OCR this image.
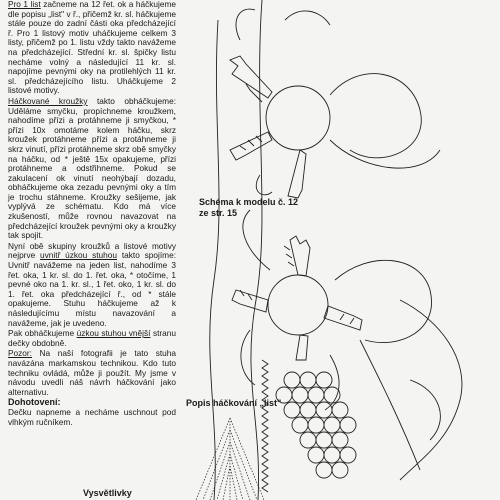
Pro 1 list začneme na 12 řet. ok a háčkujeme dle popisu „list" v ř., přičemž kr. sl. háčkujeme stále pouze do zadní části oka předcházející ř. Pro 1 listový motiv uháčkujeme celkem 3 listy, přičemž po 1. listu vždy takto navážeme na předcházející. Střední kr. sl. špičky listu necháme volný a následující 11 kr. sl. napojíme pevnými oky na protilehlých 11 kr. sl. předcházejícího listu. Uháčkujeme 2 listové motivy.

Háčkované kroužky takto obháčkujeme: Uděláme smyčku, propíchneme kroužkem, nahodíme přízi a protáhneme ji smyčkou, * přízi 10x omotáme kolem háčku, skrz kroužek protáhneme přízi a protáhneme ji skrz vinutí, přízi protáhneme skrz obě smyčky na háčku, od * ještě 15x opakujeme, přízi protáhneme a odstřihneme. Pokud se zakulacení ok vinutí neohýbají dozadu, obháčkujeme oka zezadu pevnými oky a tím je trochu stáhneme. Kroužky sešijeme, jak vyplývá ze schématu. Kdo má více zkušeností, může rovnou navazovat na předcházející kroužek pevnými oky a kroužky tak spojit.

Nyní obě skupiny kroužků a listové motivy nejprve uvnitř úzkou stuhou takto spojíme: Uvnitř navážeme na jeden list, nahodíme 3 řet. oka, 1 kr. sl. do 1. řet. oka, * otočíme, 1 pevné oko na 1. kr. sl., 1 řet. oko, 1 kr. sl. do 1. řet. oka předcházející ř., od * stále opakujeme. Stuhu háčkujeme až k následujícímu místu navazování a navážeme, jak je uvedeno.

Pak obháčkujeme úzkou stuhou vnější stranu dečky obdobně.

Pozor: Na naší fotografii je tato stuha navázána markamskou technikou. Kdo tuto techniku ovládá, může ji použít. My jsme v návodu uvedli náš návrh háčkování jako alternativu.

Dohotovení:

Dečku napneme a necháme uschnout pod vlhkým ručníkem.

Schéma k modelu č. 12 ze str. 15
Popis háčkování „list"
Vysvětlivky
